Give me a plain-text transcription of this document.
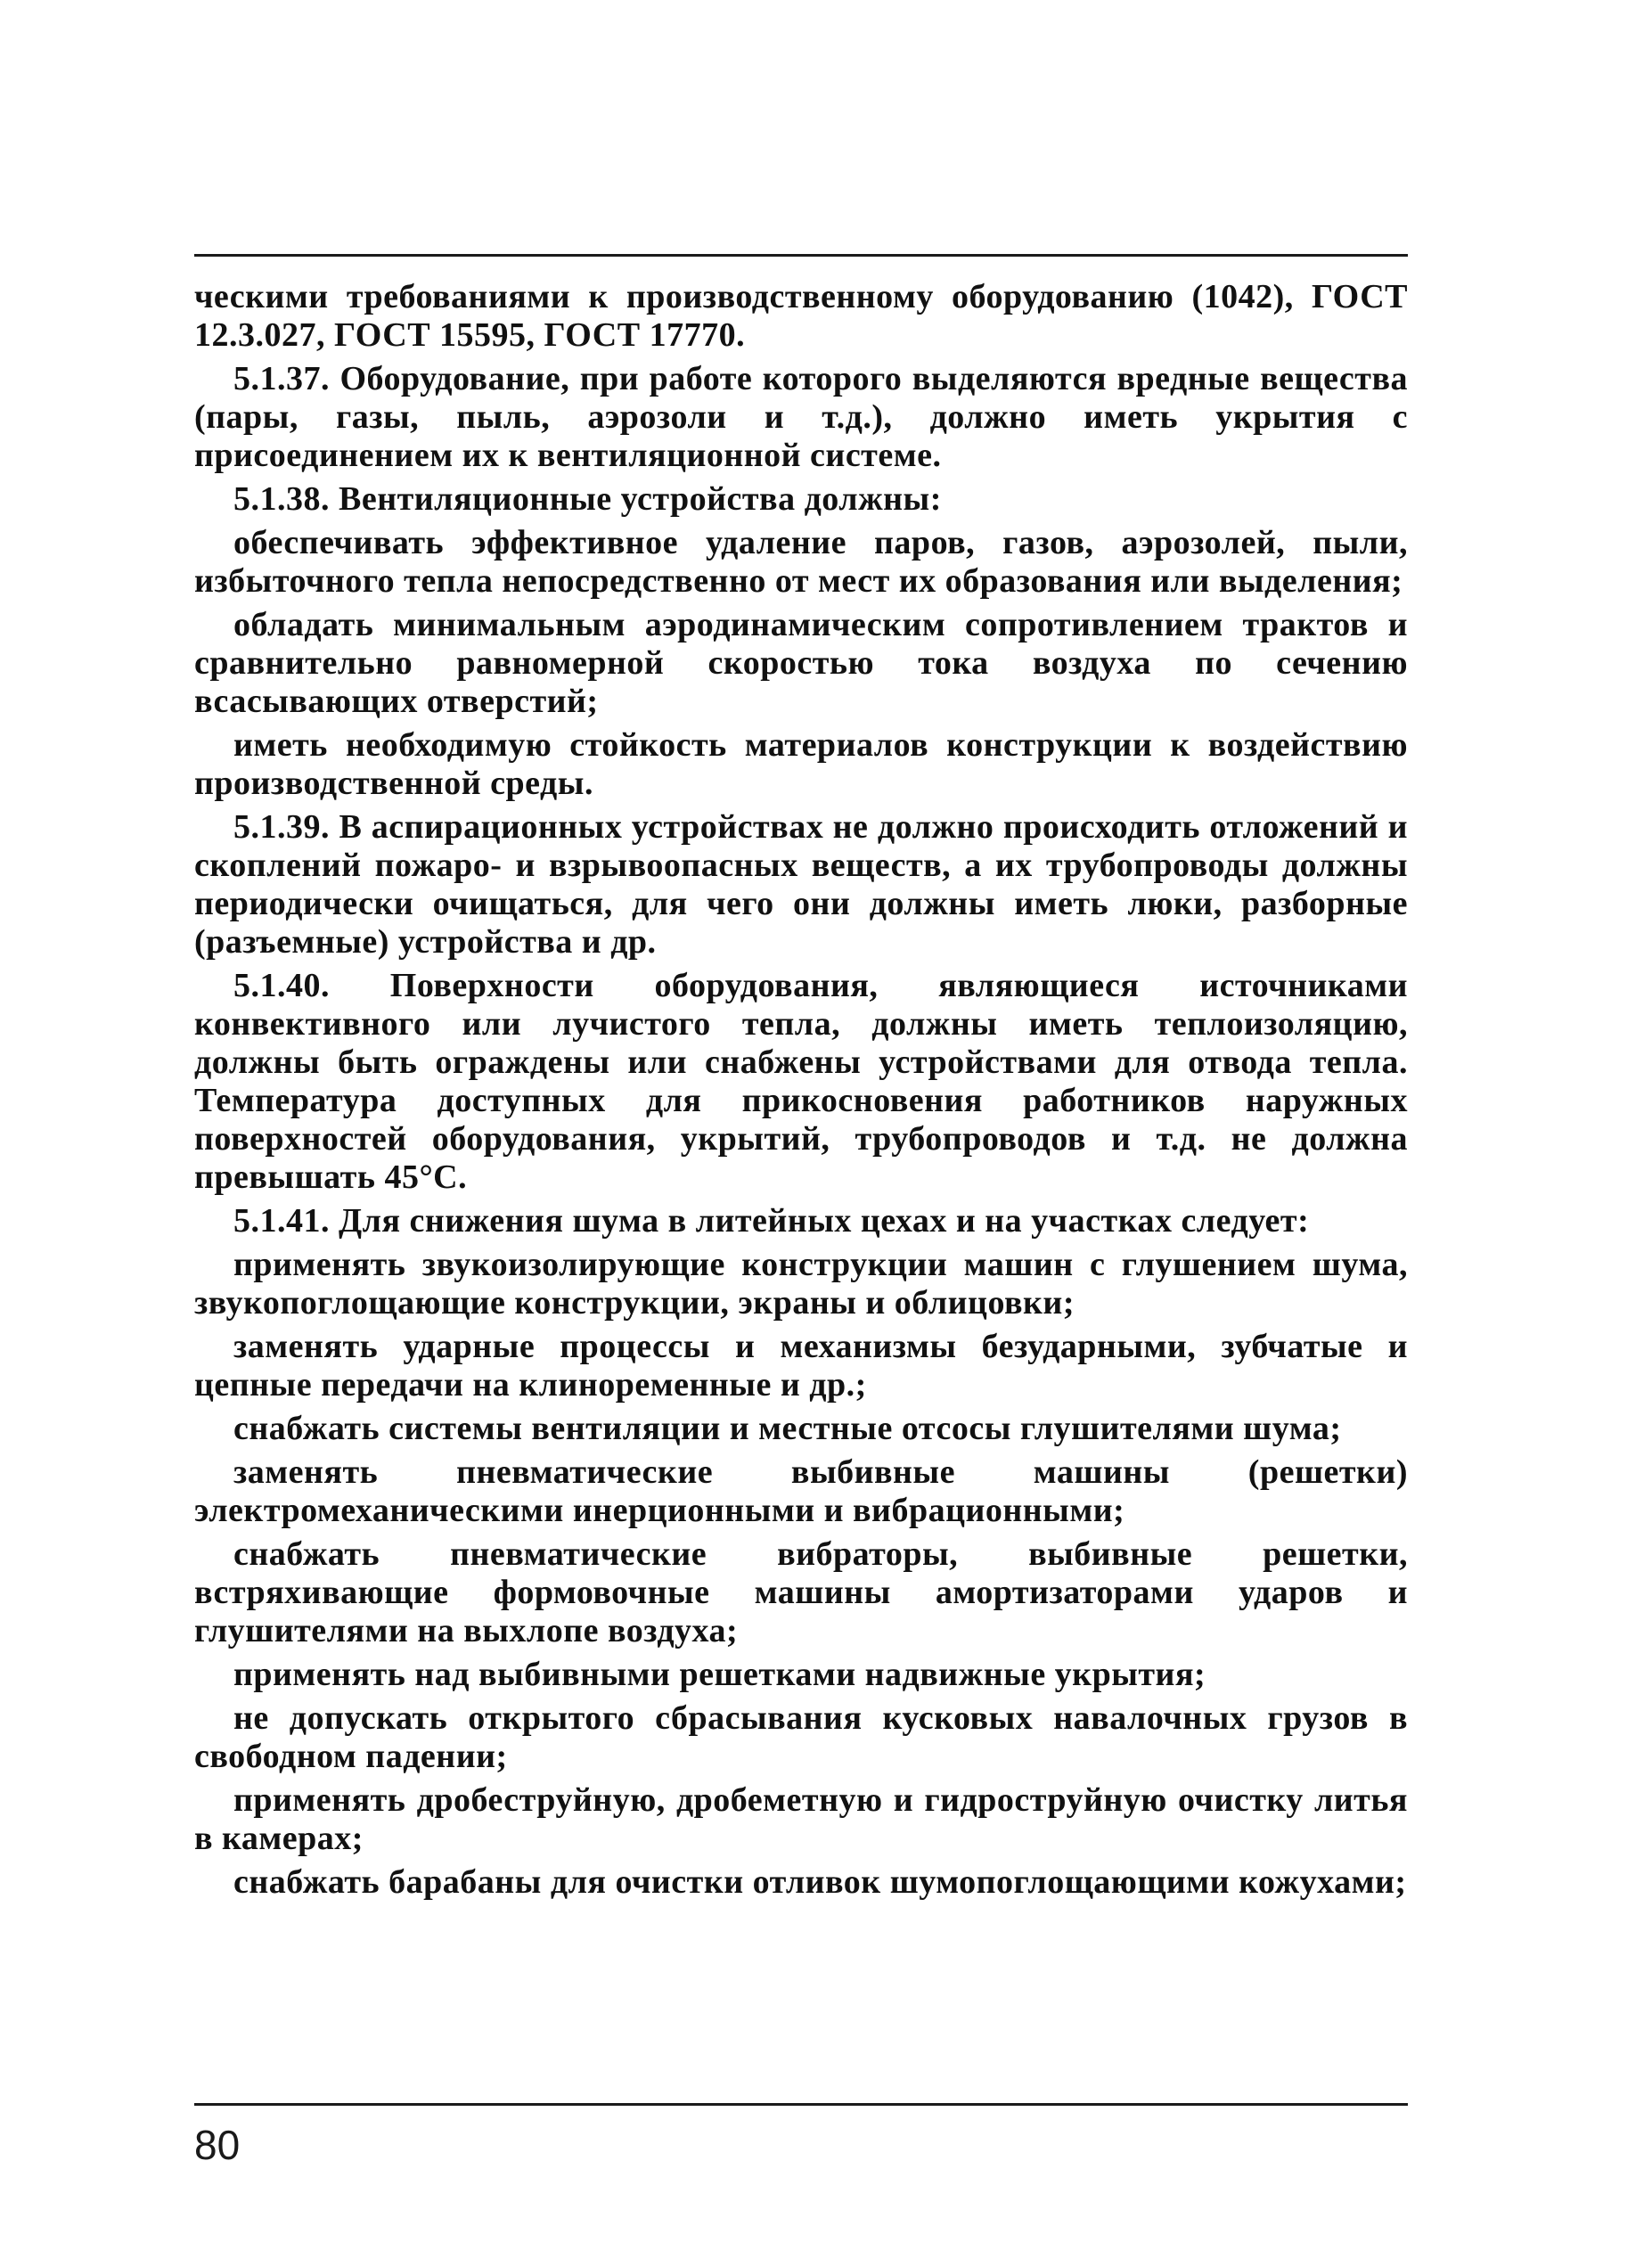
ческими требованиями к производственному оборудованию (1042), ГОСТ 12.3.027, ГОСТ 15595, ГОСТ 17770.

5.1.37. Оборудование, при работе которого выделяются вредные вещества (пары, газы, пыль, аэрозоли и т.д.), должно иметь укрытия с присоединением их к вентиляционной системе.

5.1.38. Вентиляционные устройства должны:

обеспечивать эффективное удаление паров, газов, аэрозолей, пыли, избыточного тепла непосредственно от мест их образования или выделения;

обладать минимальным аэродинамическим сопротивлением трактов и сравнительно равномерной скоростью тока воздуха по сечению всасывающих отверстий;

иметь необходимую стойкость материалов конструкции к воздействию производственной среды.

5.1.39. В аспирационных устройствах не должно происходить отложений и скоплений пожаро- и взрывоопасных веществ, а их трубопроводы должны периодически очищаться, для чего они должны иметь люки, разборные (разъемные) устройства и др.

5.1.40. Поверхности оборудования, являющиеся источниками конвективного или лучистого тепла, должны иметь теплоизоляцию, должны быть ограждены или снабжены устройствами для отвода тепла. Температура доступных для прикосновения работников наружных поверхностей оборудования, укрытий, трубопроводов и т.д. не должна превышать 45°С.

5.1.41. Для снижения шума в литейных цехах и на участках следует:

применять звукоизолирующие конструкции машин с глушением шума, звукопоглощающие конструкции, экраны и облицовки;

заменять ударные процессы и механизмы безударными, зубчатые и цепные передачи на клиноременные и др.;

снабжать системы вентиляции и местные отсосы глушителями шума;

заменять пневматические выбивные машины (решетки) электромеханическими инерционными и вибрационными;

снабжать пневматические вибраторы, выбивные решетки, встряхивающие формовочные машины амортизаторами ударов и глушителями на выхлопе воздуха;

применять над выбивными решетками надвижные укрытия;

не допускать открытого сбрасывания кусковых навалочных грузов в свободном падении;

применять дробеструйную, дробеметную и гидроструйную очистку литья в камерах;

снабжать барабаны для очистки отливок шумопоглощающими кожухами;

80
